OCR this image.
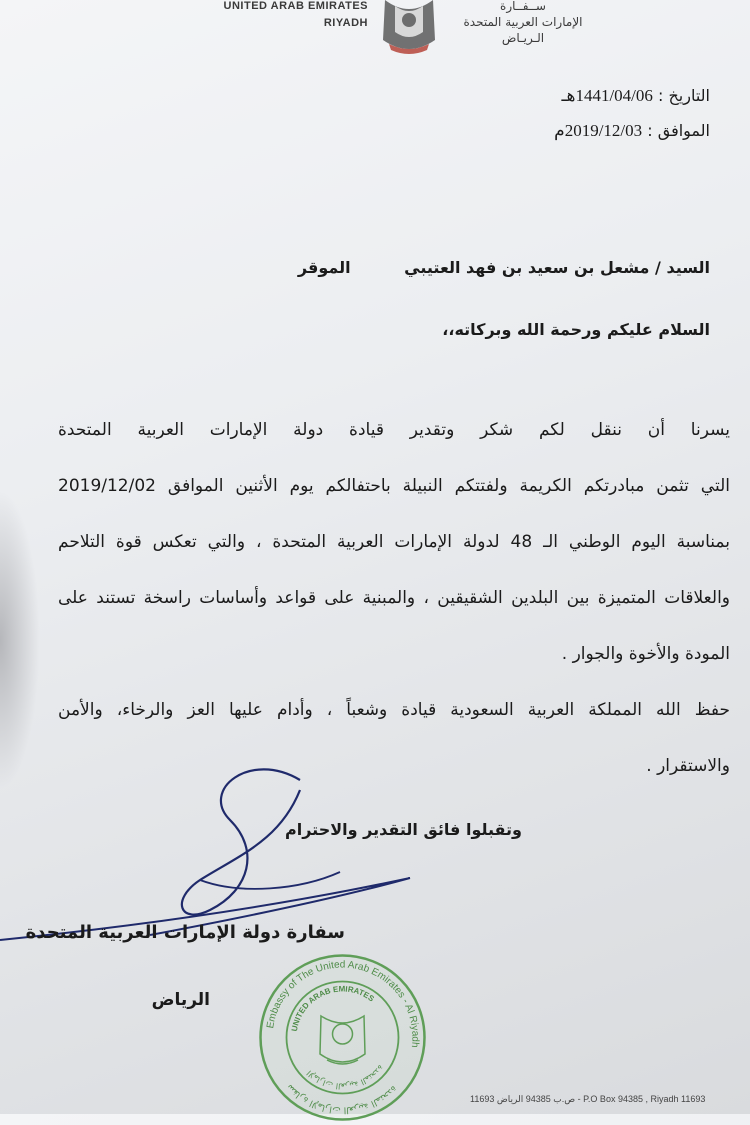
UNITED ARAB EMIRATES
RIYADH
ســفــارة
الإمارات العربية المتحدة
الـريـاض
التاريخ : 1441/04/06هـ
الموافق : 2019/12/03م
السيد / مشعل بن سعيد بن فهد العتيبي الموقر
السلام عليكم ورحمة الله وبركاته،،
يسرنا أن ننقل لكم شكر وتقدير قيادة دولة الإمارات العربية المتحدة
التي تثمن مبادرتكم الكريمة ولفتتكم النبيلة باحتفالكم يوم الأثنين الموافق 2019/12/02
بمناسبة اليوم الوطني الـ 48 لدولة الإمارات العربية المتحدة ، والتي تعكس قوة التلاحم
والعلاقات المتميزة بين البلدين الشقيقين ، والمبنية على قواعد وأساسات راسخة تستند على
المودة والأخوة والجوار .
حفظ الله المملكة العربية السعودية قيادة وشعباً ، وأدام عليها العز والرخاء، والأمن
والاستقرار .
وتقبلوا فائق التقدير والاحترام
سفارة دولة الإمارات العربية المتحدة
الرياض
Embassy of The United Arab Emirates - Al Riyadh
سفارة الإمارات العربية المتحدة
UNITED ARAB EMIRATES
الإمارات العربية المتحدة
ص.ب 94385 الرياض 11693 - P.O Box 94385 , Riyadh 11693
